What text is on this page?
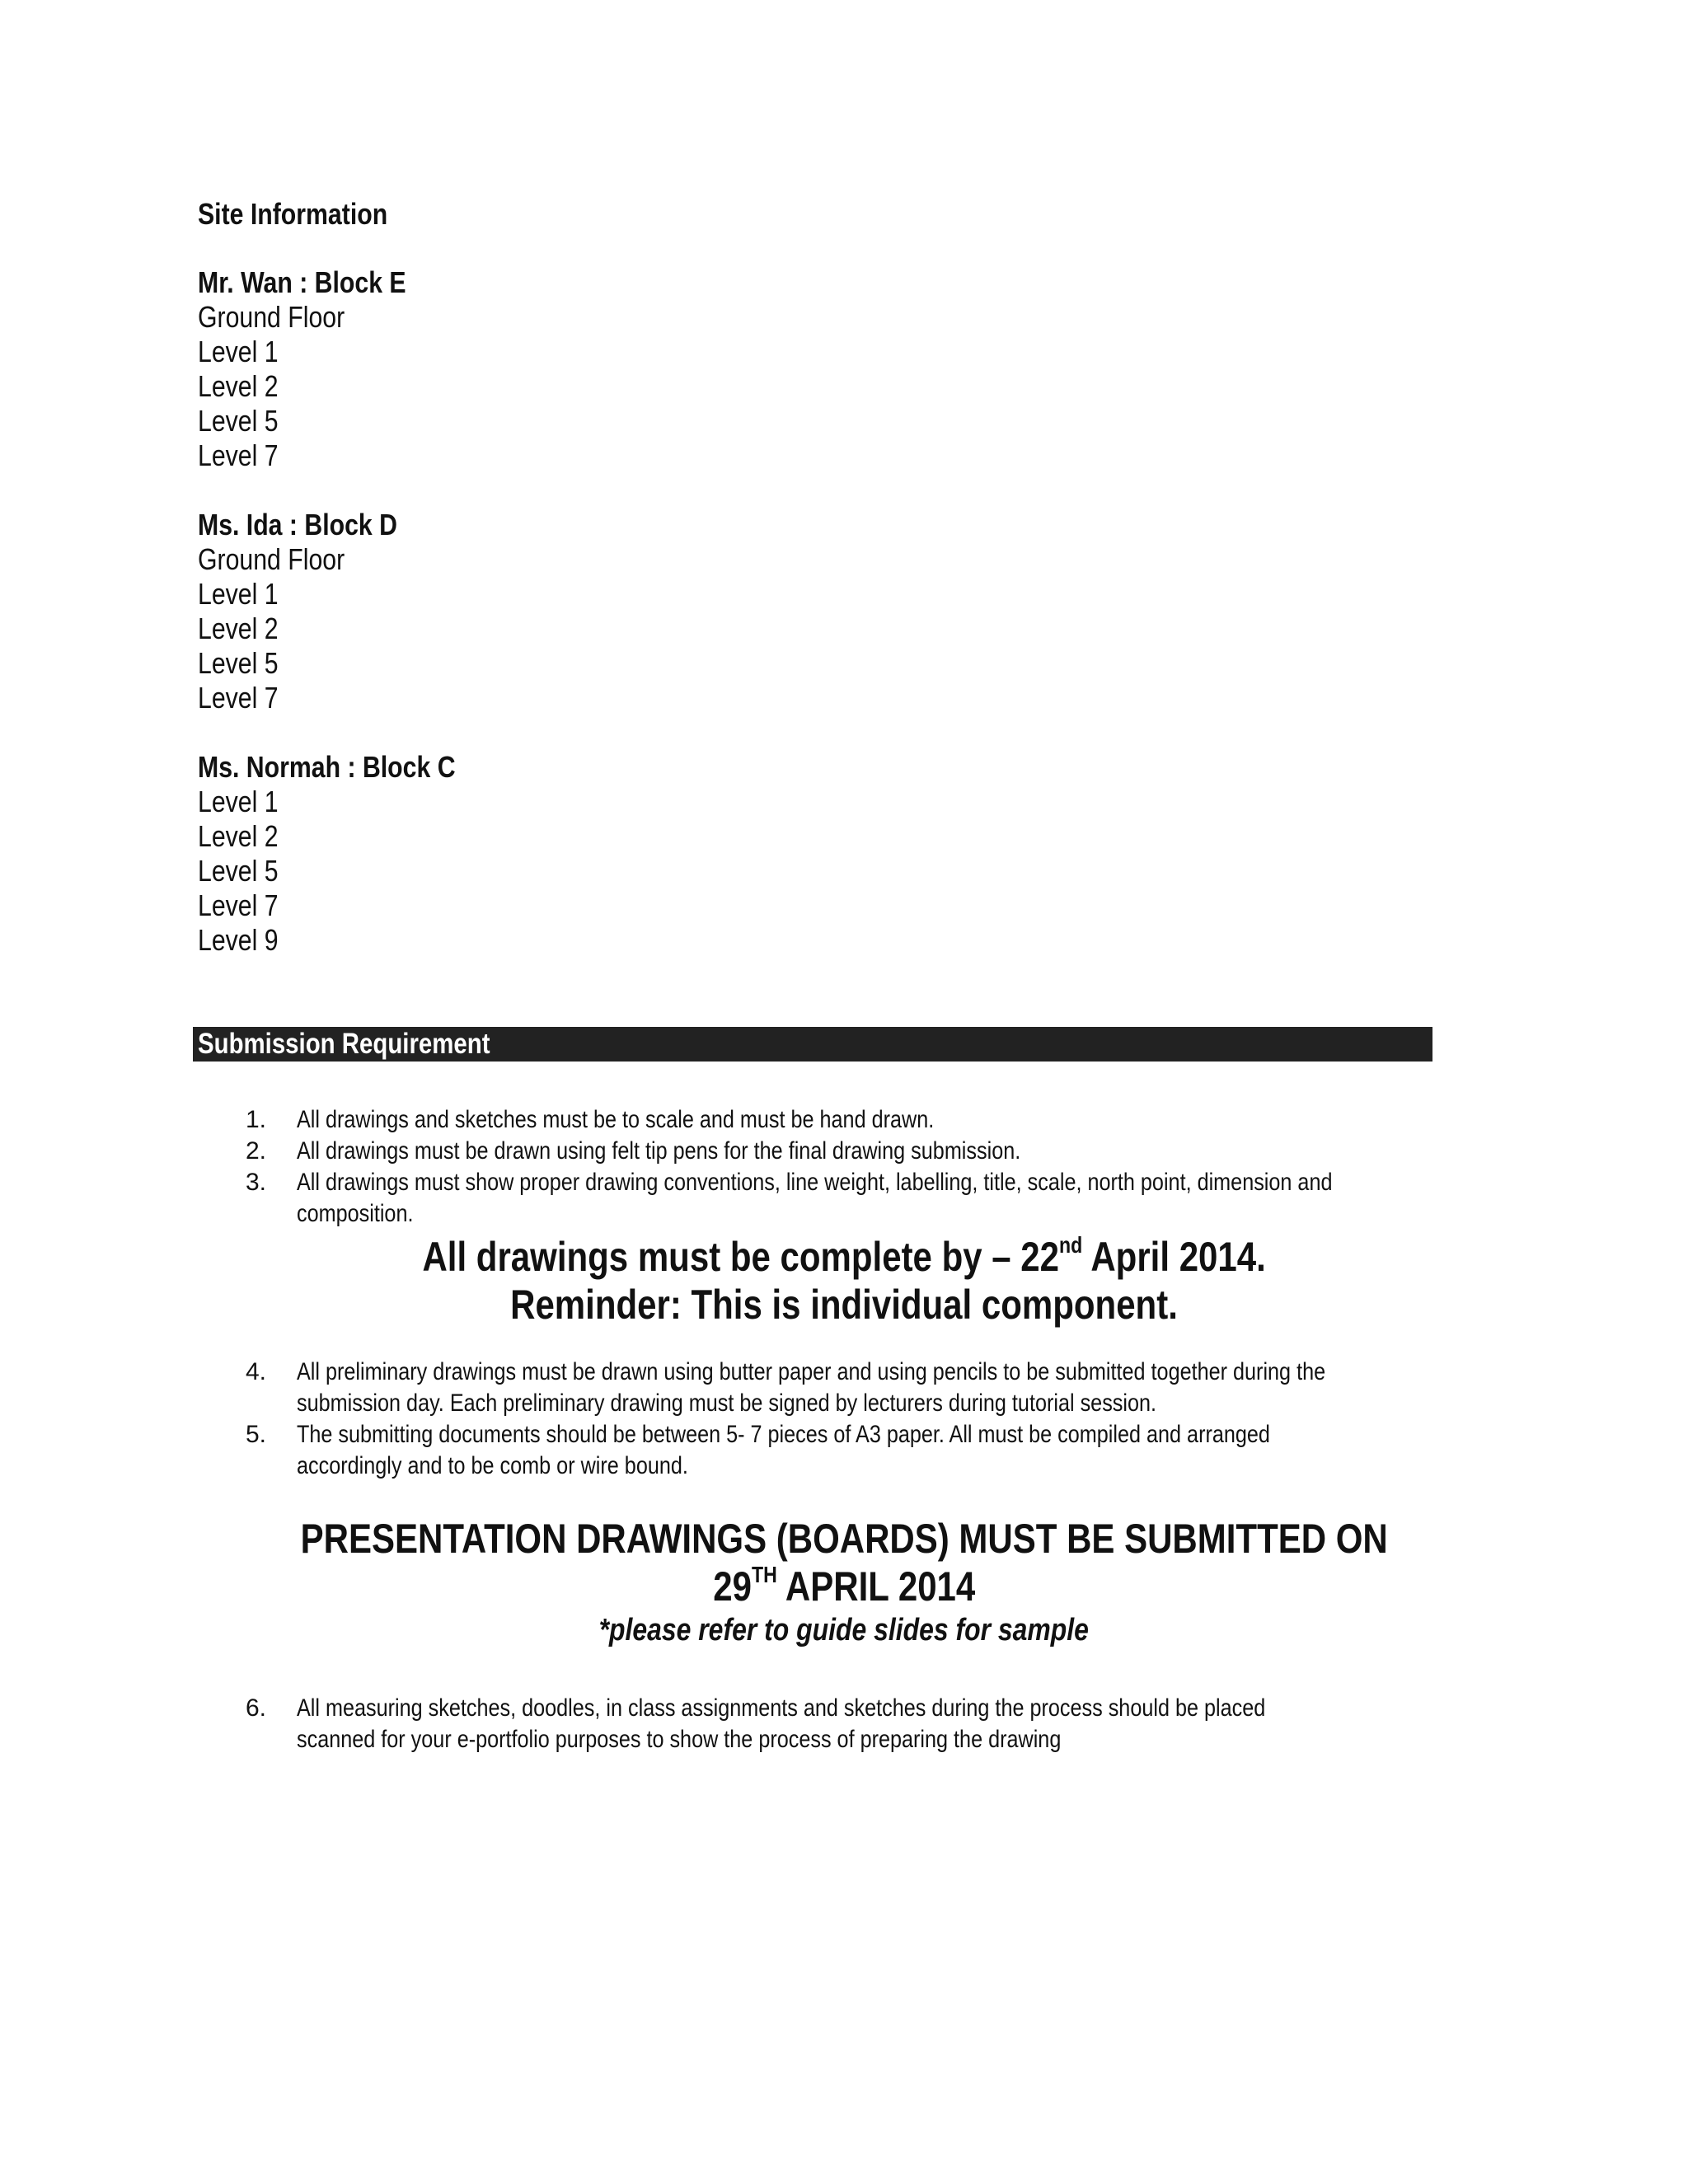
Site Information
Mr. Wan : Block E
Ground Floor
Level 1
Level 2
Level 5
Level 7
Ms. Ida : Block D
Ground Floor
Level 1
Level 2
Level 5
Level 7
Ms. Normah : Block C
Level 1
Level 2
Level 5
Level 7
Level 9
Submission Requirement
1. All drawings and sketches must be to scale and must be hand drawn.
2. All drawings must be drawn using felt tip pens for the final drawing submission.
3. All drawings must show proper drawing conventions, line weight, labelling, title, scale, north point, dimension and
composition.
All drawings must be complete by – 22nd April 2014.
Reminder: This is individual component.
4. All preliminary drawings must be drawn using butter paper and using pencils to be submitted together during the
submission day. Each preliminary drawing must be signed by lecturers during tutorial session.
5. The submitting documents should be between 5- 7 pieces of A3 paper. All must be compiled and arranged
accordingly and to be comb or wire bound.
PRESENTATION DRAWINGS (BOARDS) MUST BE SUBMITTED ON
29TH APRIL 2014
*please refer to guide slides for sample
6. All measuring sketches, doodles, in class assignments and sketches during the process should be placed
scanned for your e-portfolio purposes to show the process of preparing the drawing
